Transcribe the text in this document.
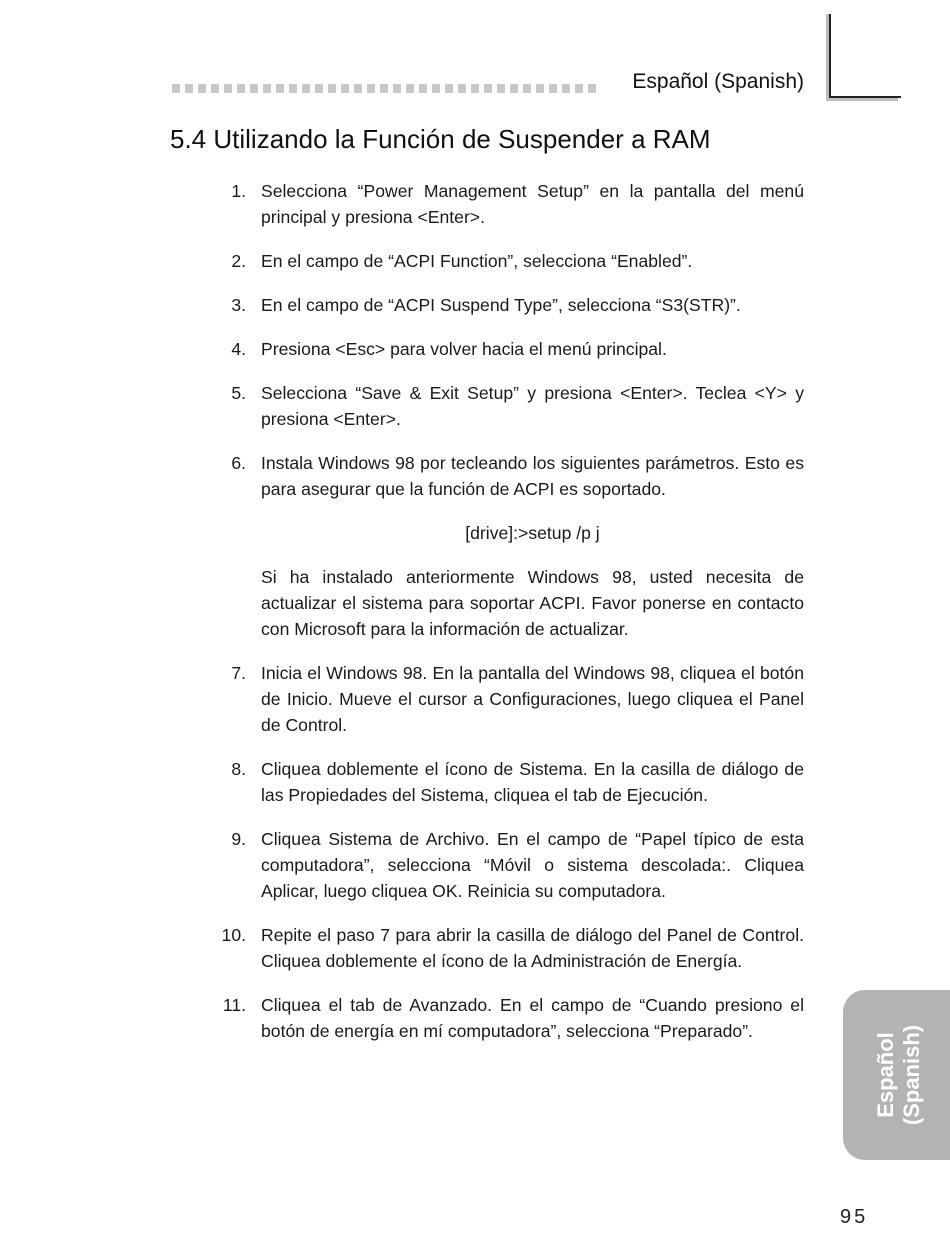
Español (Spanish)
5.4 Utilizando la Función de Suspender a RAM
1. Selecciona “Power Management Setup” en la pantalla del menú principal y presiona <Enter>.
2. En el campo de “ACPI Function”, selecciona “Enabled”.
3. En el campo de “ACPI Suspend Type”, selecciona “S3(STR)”.
4. Presiona <Esc> para volver hacia el menú principal.
5. Selecciona “Save & Exit Setup” y presiona <Enter>. Teclea <Y> y presiona <Enter>.
6. Instala Windows 98 por tecleando los siguientes parámetros. Esto es para asegurar que la función de ACPI es soportado.
[drive]:>setup /p j

Si ha instalado anteriormente Windows 98, usted necesita de actualizar el sistema para soportar ACPI. Favor ponerse en contacto con Microsoft para la información de actualizar.

7. Inicia el Windows 98. En la pantalla del Windows 98, cliquea el botón de Inicio. Mueve el cursor a Configuraciones, luego cliquea el Panel de Control.
8. Cliquea doblemente el ícono de Sistema. En la casilla de diálogo de las Propiedades del Sistema, cliquea el tab de Ejecución.
9. Cliquea Sistema de Archivo. En el campo de “Papel típico de esta computadora”, selecciona “Móvil o sistema descolada:. Cliquea Aplicar, luego cliquea OK. Reinicia su computadora.
10. Repite el paso 7 para abrir la casilla de diálogo del Panel de Control. Cliquea doblemente el ícono de la Administración de Energía.
11. Cliquea el tab de Avanzado. En el campo de “Cuando presiono el botón de energía en mí computadora”, selecciona “Preparado”.
Español (Spanish)
95
